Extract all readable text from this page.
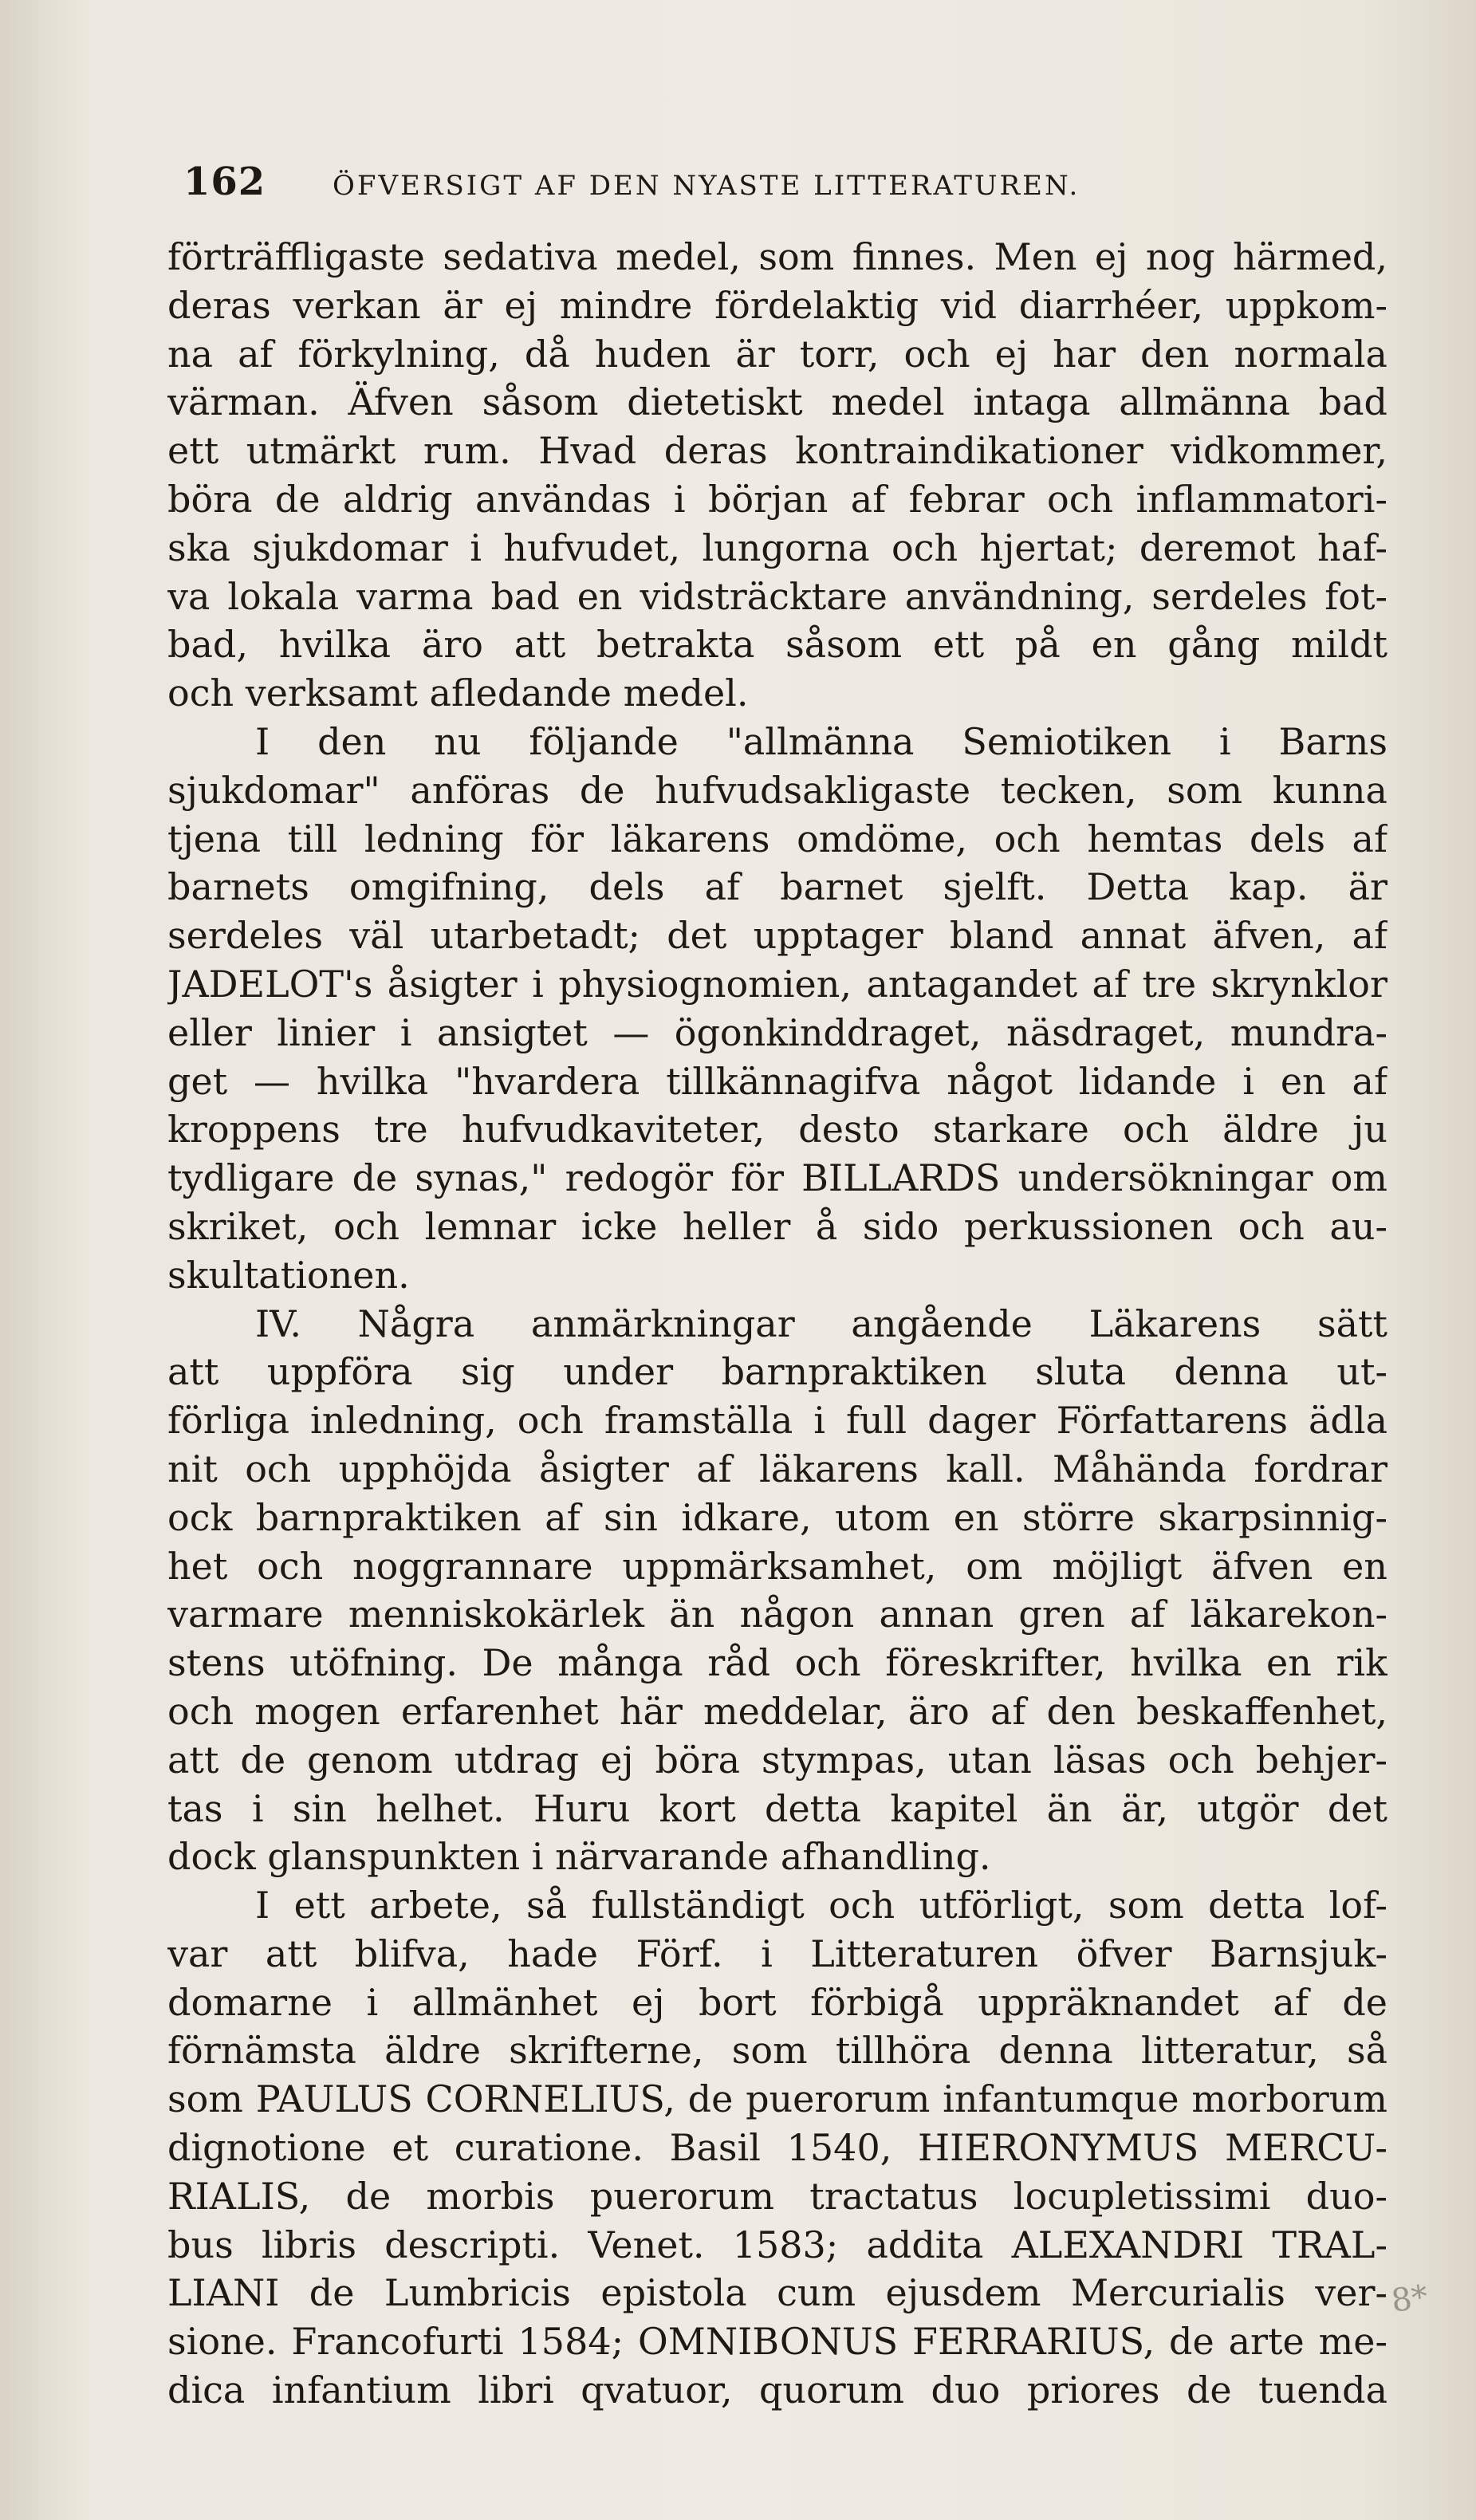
162 ÖFVERSIGT AF DEN NYASTE LITTERATUREN.
förträffligaste sedativa medel, som finnes. Men ej nog härmed,
deras verkan är ej mindre fördelaktig vid diarrhéer, uppkom-
na af förkylning, då huden är torr, och ej har den normala
värman. Äfven såsom dietetiskt medel intaga allmänna bad
ett utmärkt rum. Hvad deras kontraindikationer vidkommer,
böra de aldrig användas i början af febrar och inflammatori-
ska sjukdomar i hufvudet, lungorna och hjertat; deremot haf-
va lokala varma bad en vidsträcktare användning, serdeles fot-
bad, hvilka äro att betrakta såsom ett på en gång mildt
och verksamt afledande medel.
I den nu följande "allmänna Semiotiken i Barns
sjukdomar" anföras de hufvudsakligaste tecken, som kunna
tjena till ledning för läkarens omdöme, och hemtas dels af
barnets omgifning, dels af barnet sjelft. Detta kap. är
serdeles väl utarbetadt; det upptager bland annat äfven, af
JADELOT's åsigter i physiognomien, antagandet af tre skrynklor
eller linier i ansigtet — ögonkinddraget, näsdraget, mundra-
get — hvilka "hvardera tillkännagifva något lidande i en af
kroppens tre hufvudkaviteter, desto starkare och äldre ju
tydligare de synas," redogör för BILLARDS undersökningar om
skriket, och lemnar icke heller å sido perkussionen och au-
skultationen.
IV. Några anmärkningar angående Läkarens sätt
att uppföra sig under barnpraktiken sluta denna ut-
förliga inledning, och framställa i full dager Författarens ädla
nit och upphöjda åsigter af läkarens kall. Måhända fordrar
ock barnpraktiken af sin idkare, utom en större skarpsinnig-
het och noggrannare uppmärksamhet, om möjligt äfven en
varmare menniskokärlek än någon annan gren af läkarekon-
stens utöfning. De många råd och föreskrifter, hvilka en rik
och mogen erfarenhet här meddelar, äro af den beskaffenhet,
att de genom utdrag ej böra stympas, utan läsas och behjer-
tas i sin helhet. Huru kort detta kapitel än är, utgör det
dock glanspunkten i närvarande afhandling.
I ett arbete, så fullständigt och utförligt, som detta lof-
var att blifva, hade Förf. i Litteraturen öfver Barnsjuk-
domarne i allmänhet ej bort förbigå uppräknandet af de
förnämsta äldre skrifterne, som tillhöra denna litteratur, så
som PAULUS CORNELIUS, de puerorum infantumque morborum
dignotione et curatione. Basil 1540, HIERONYMUS MERCU-
RIALIS, de morbis puerorum tractatus locupletissimi duo-
bus libris descripti. Venet. 1583; addita ALEXANDRI TRAL-
LIANI de Lumbricis epistola cum ejusdem Mercurialis ver-
sione. Francofurti 1584; OMNIBONUS FERRARIUS, de arte me-
dica infantium libri qvatuor, quorum duo priores de tuenda
8*
